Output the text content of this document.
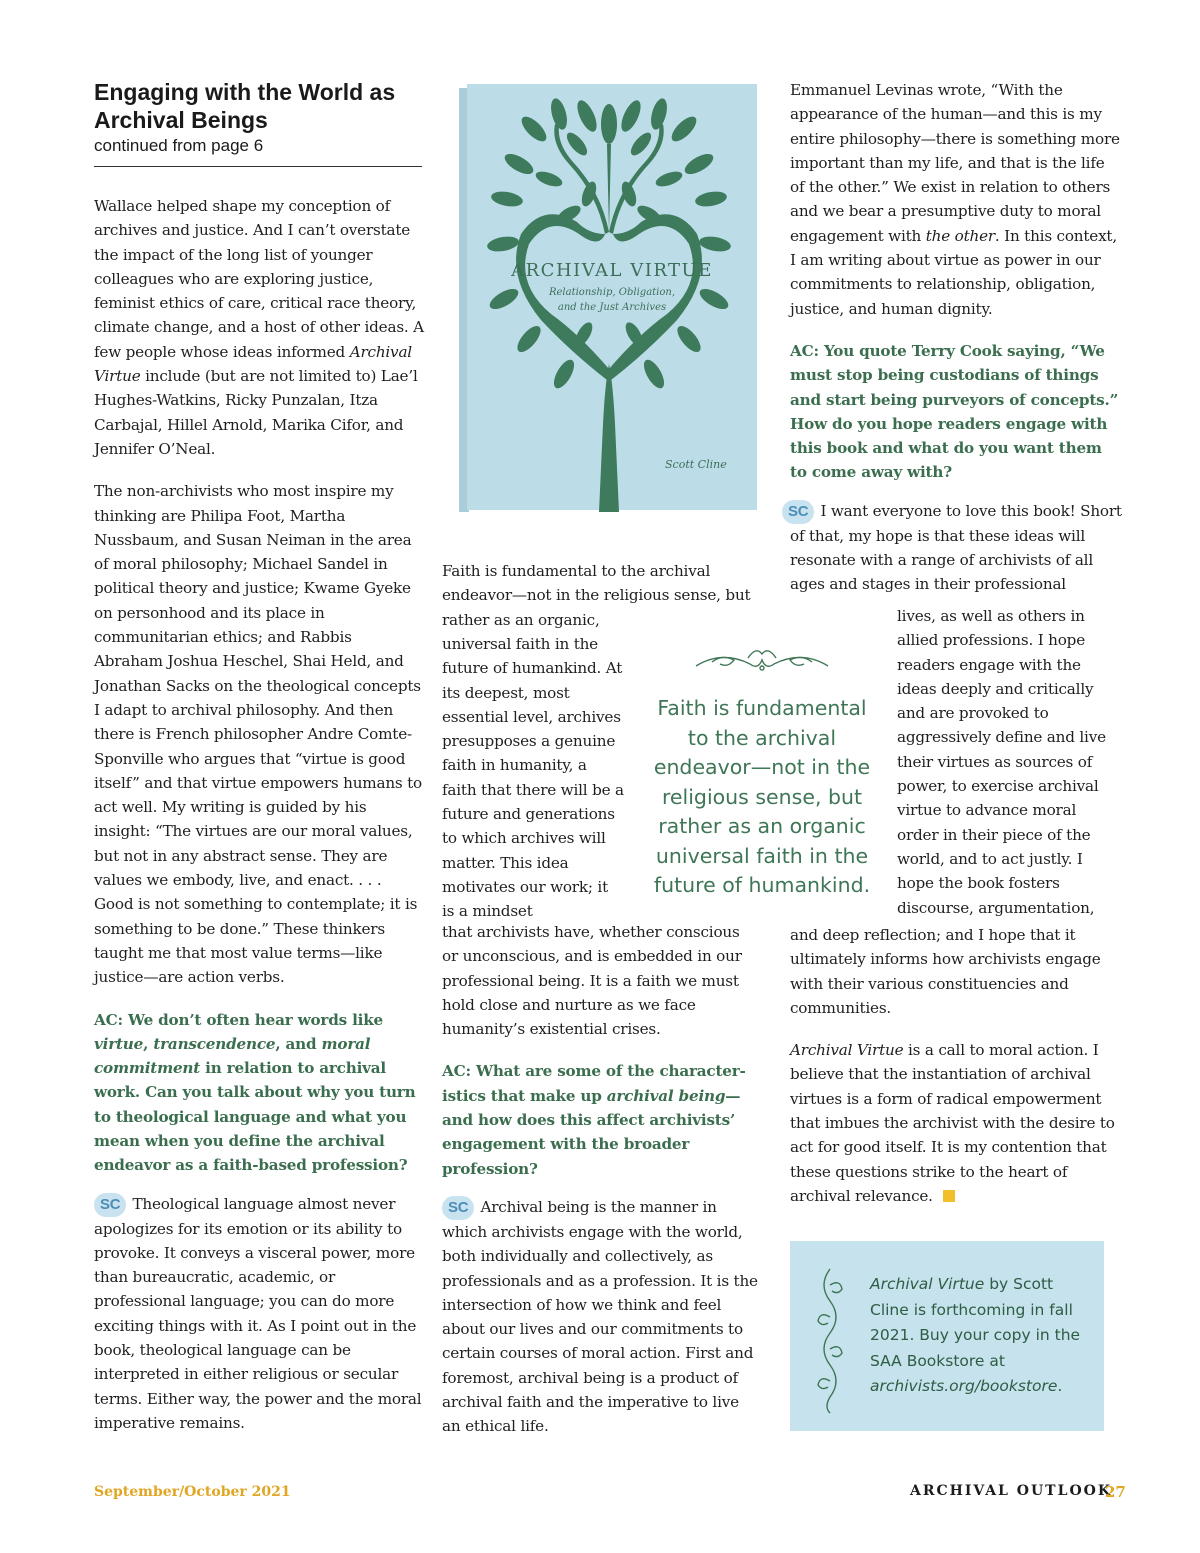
Engaging with the World as
Archival Beings
continued from page 6
ARCHIVAL VIRTUE
Relationship, Obligation,
and the Just Archives
Scott Cline

Wallace helped shape my conception of archives and justice. And I can’t overstate the impact of the long list of younger colleagues who are exploring justice, feminist ethics of care, critical race theory, climate change, and a host of other ideas. A few people whose ideas informed Archival Virtue include (but are not limited to) Lae’l Hughes-Watkins, Ricky Punzalan, Itza Carbajal, Hillel Arnold, Marika Cifor, and Jennifer O’Neal.

The non-archivists who most inspire my thinking are Philipa Foot, Martha Nussbaum, and Susan Neiman in the area of moral philosophy; Michael Sandel in political theory and justice; Kwame Gyeke on personhood and its place in communitarian ethics; and Rabbis Abraham Joshua Heschel, Shai Held, and Jonathan Sacks on the theological concepts I adapt to archival philosophy. And then there is French philosopher Andre Comte-Sponville who argues that “virtue is good itself” and that virtue empowers humans to act well. My writing is guided by his insight: “The virtues are our moral values, but not in any abstract sense. They are values we embody, live, and enact. . . . Good is not something to contemplate; it is something to be done.” These thinkers taught me that most value terms—like justice—are action verbs.

AC: We don’t often hear words like virtue, transcendence, and moral commitment in relation to archival work. Can you talk about why you turn to theological language and what you mean when you define the archival endeavor as a faith-based profession?

SC Theological language almost never apologizes for its emotion or its ability to provoke. It conveys a visceral power, more than bureaucratic, academic, or professional language; you can do more exciting things with it. As I point out in the book, theological language can be interpreted in either religious or secular terms. Either way, the power and the moral imperative remains.

Faith is fundamental to the archival endeavor—not in the religious sense, but rather as an organic,
universal faith in the future of humankind. At its deepest, most essential level, archives presupposes a genuine faith in humanity, a faith that there will be a future and generations to which archives will matter. This idea motivates our work; it is a mindset

that archivists have, whether conscious or unconscious, and is embedded in our professional being. It is a faith we must hold close and nurture as we face humanity’s existential crises.

AC: What are some of the character-istics that make up archival being— and how does this affect archivists’ engagement with the broader profession?

SC Archival being is the manner in which archivists engage with the world, both individually and collectively, as professionals and as a profession. It is the intersection of how we think and feel about our lives and our commitments to certain courses of moral action. First and foremost, archival being is a product of archival faith and the imperative to live an ethical life.

Faith is fundamental to the archival endeavor—not in the religious sense, but rather as an organic universal faith in the future of humankind.

Emmanuel Levinas wrote, “With the appearance of the human—and this is my entire philosophy—there is something more important than my life, and that is the life of the other.” We exist in relation to others and we bear a presumptive duty to moral engagement with the other. In this context, I am writing about virtue as power in our commitments to relationship, obligation, justice, and human dignity.

AC: You quote Terry Cook saying, “We must stop being custodians of things and start being purveyors of concepts.” How do you hope readers engage with this book and what do you want them to come away with?
SC I want everyone to love this book! Short of that, my hope is that these ideas will resonate with a range of archivists of all ages and stages in their professional
lives, as well as others in allied professions. I hope readers engage with the ideas deeply and critically and are provoked to aggressively define and live their virtues as sources of power, to exercise archival virtue to advance moral order in their piece of the world, and to act justly. I hope the book fosters discourse, argumentation,

and deep reflection; and I hope that it ultimately informs how archivists engage with their various constituencies and communities.

Archival Virtue is a call to moral action. I believe that the instantiation of archival virtues is a form of radical empowerment that imbues the archivist with the desire to act for good itself. It is my contention that these questions strike to the heart of archival relevance.

Archival Virtue by Scott Cline is forthcoming in fall 2021. Buy your copy in the SAA Bookstore at archivists.org/bookstore.
September/October 2021	ARCHIVAL OUTLOOK
27
